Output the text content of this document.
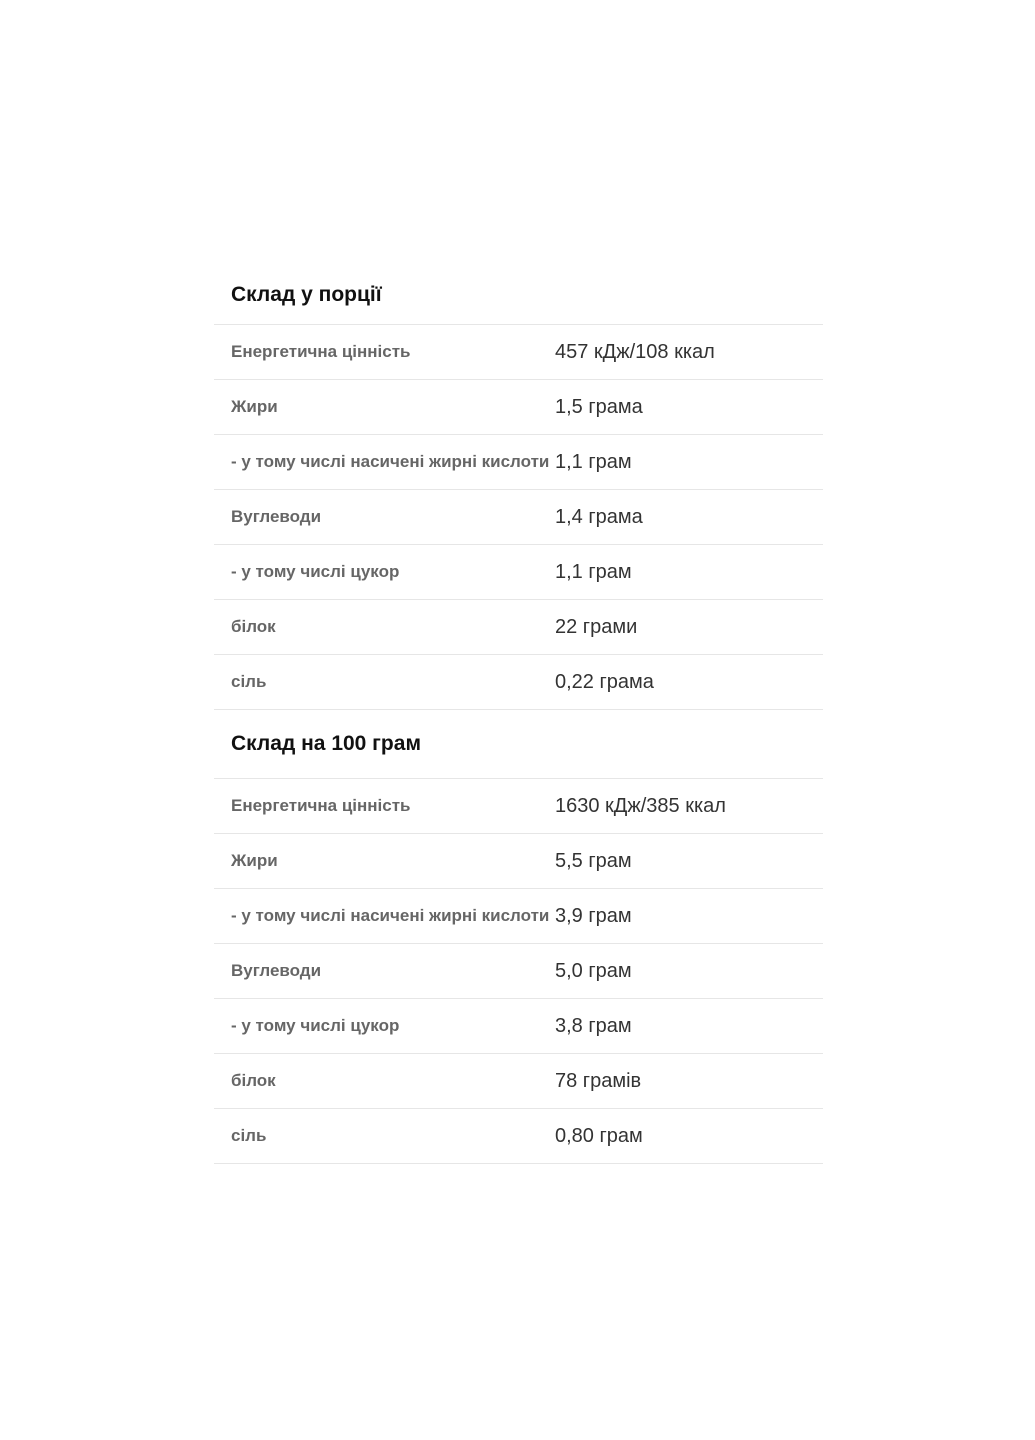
Склад у порції
Енергетична цінність	457 кДж/108 ккал
Жири	1,5 грама
- у тому числі насичені жирні кислоти 1,1 грам
Вуглеводи	1,4 грама
- у тому числі цукор	1,1 грам
білок	22 грами
сіль	0,22 грама
Склад на 100 грам
Енергетична цінність	1630 кДж/385 ккал
Жири	5,5 грам
- у тому числі насичені жирні кислоти 3,9 грам
Вуглеводи	5,0 грам
- у тому числі цукор	3,8 грам
білок	78 грамів
сіль	0,80 грам
